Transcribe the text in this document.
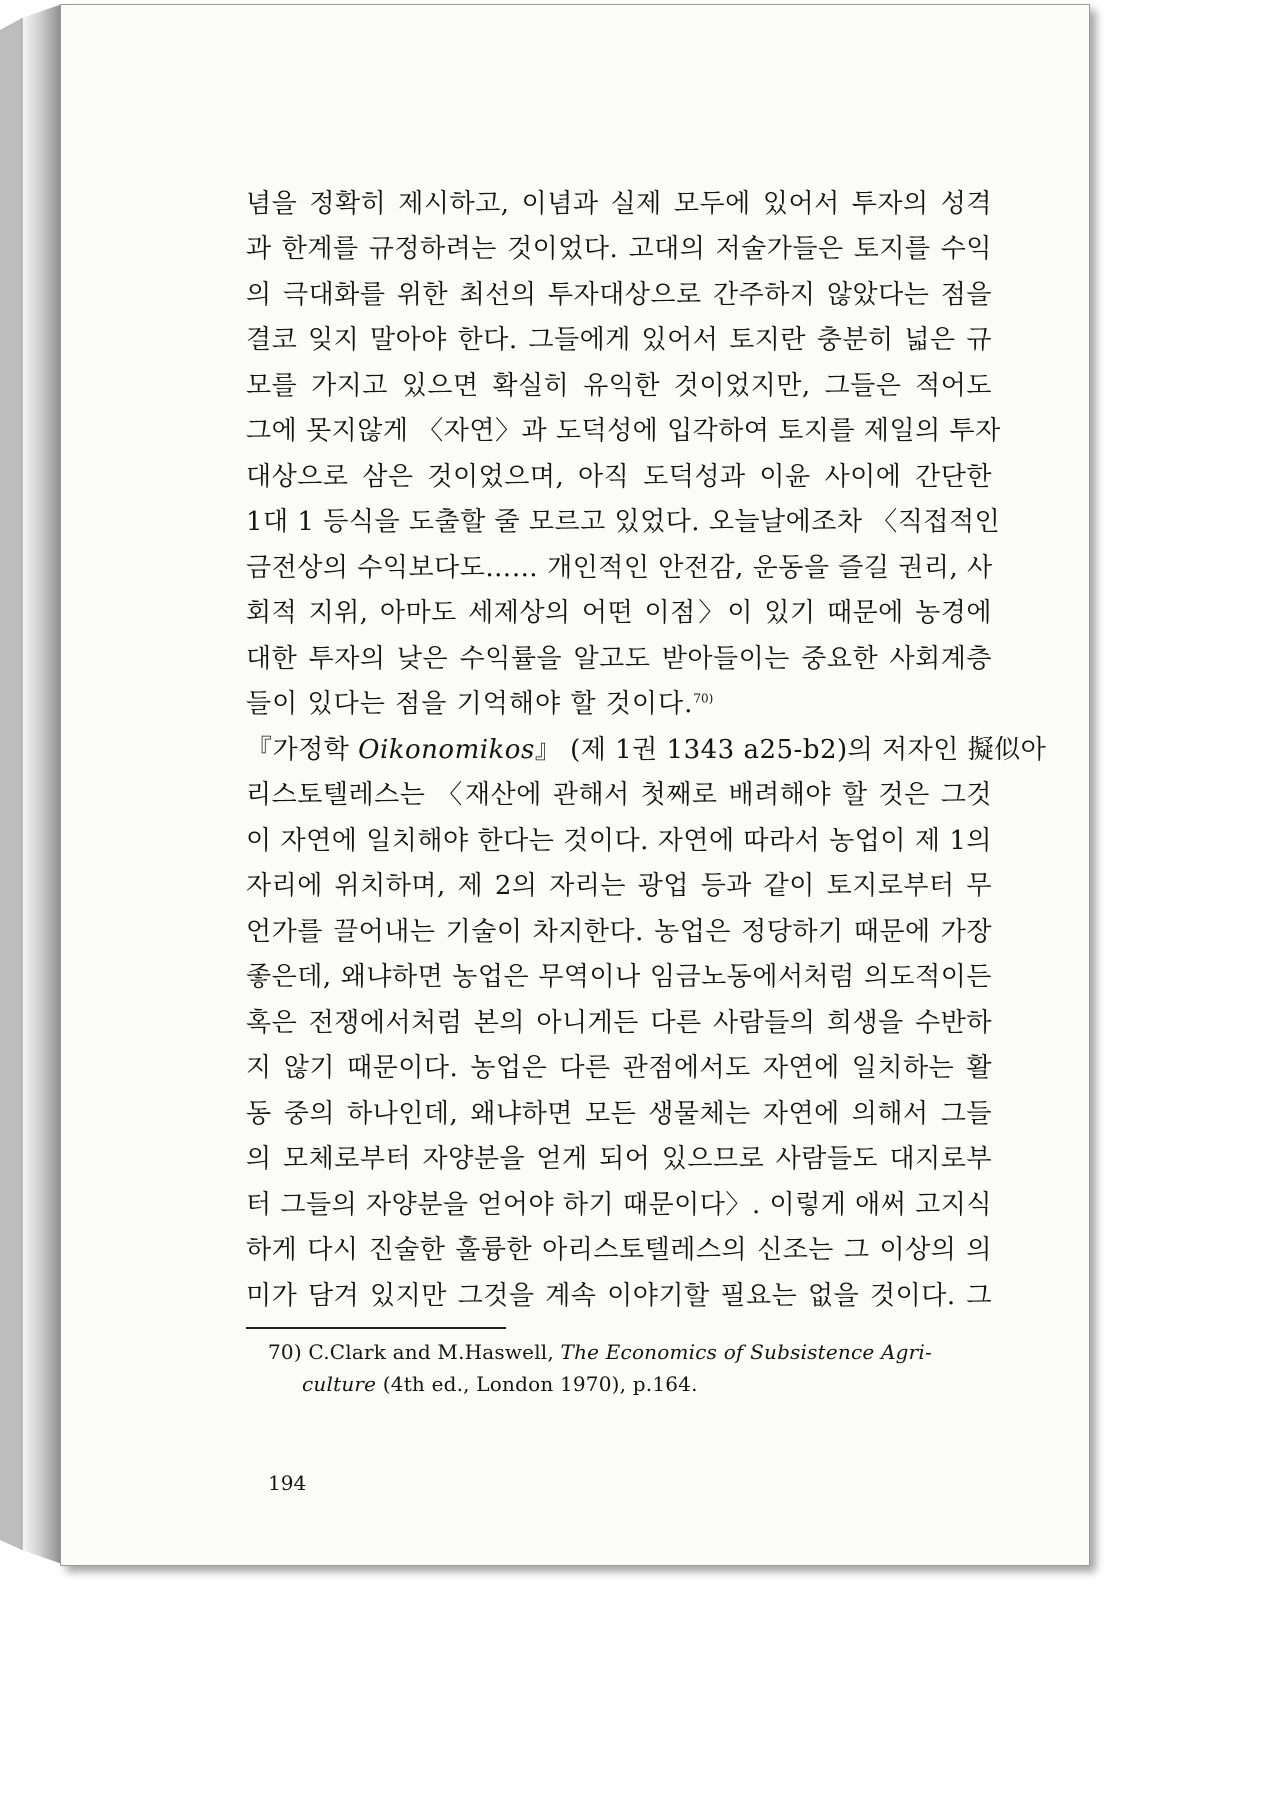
념을 정확히 제시하고, 이념과 실제 모두에 있어서 투자의 성격
과 한계를 규정하려는 것이었다. 고대의 저술가들은 토지를 수익
의 극대화를 위한 최선의 투자대상으로 간주하지 않았다는 점을
결코 잊지 말아야 한다. 그들에게 있어서 토지란 충분히 넓은 규
모를 가지고 있으면 확실히 유익한 것이었지만, 그들은 적어도
그에 못지않게 〈자연〉과 도덕성에 입각하여 토지를 제일의 투자
대상으로 삼은 것이었으며, 아직 도덕성과 이윤 사이에 간단한
1대 1 등식을 도출할 줄 모르고 있었다. 오늘날에조차 〈직접적인
금전상의 수익보다도…… 개인적인 안전감, 운동을 즐길 권리, 사
회적 지위, 아마도 세제상의 어떤 이점〉이 있기 때문에 농경에
대한 투자의 낮은 수익률을 알고도 받아들이는 중요한 사회계층
들이 있다는 점을 기억해야 할 것이다.$^{70)}$
『가정학 Oikonomikos』 (제 1권 1343 a25-b2)의 저자인 擬似아
리스토텔레스는 〈재산에 관해서 첫째로 배려해야 할 것은 그것
이 자연에 일치해야 한다는 것이다. 자연에 따라서 농업이 제 1의
자리에 위치하며, 제 2의 자리는 광업 등과 같이 토지로부터 무
언가를 끌어내는 기술이 차지한다. 농업은 정당하기 때문에 가장
좋은데, 왜냐하면 농업은 무역이나 임금노동에서처럼 의도적이든
혹은 전쟁에서처럼 본의 아니게든 다른 사람들의 희생을 수반하
지 않기 때문이다. 농업은 다른 관점에서도 자연에 일치하는 활
동 중의 하나인데, 왜냐하면 모든 생물체는 자연에 의해서 그들
의 모체로부터 자양분을 얻게 되어 있으므로 사람들도 대지로부
터 그들의 자양분을 얻어야 하기 때문이다〉. 이렇게 애써 고지식
하게 다시 진술한 훌륭한 아리스토텔레스의 신조는 그 이상의 의
미가 담겨 있지만 그것을 계속 이야기할 필요는 없을 것이다. 그
70) C.Clark and M.Haswell, The Economics of Subsistence Agri-
culture (4th ed., London 1970), p.164.
194
